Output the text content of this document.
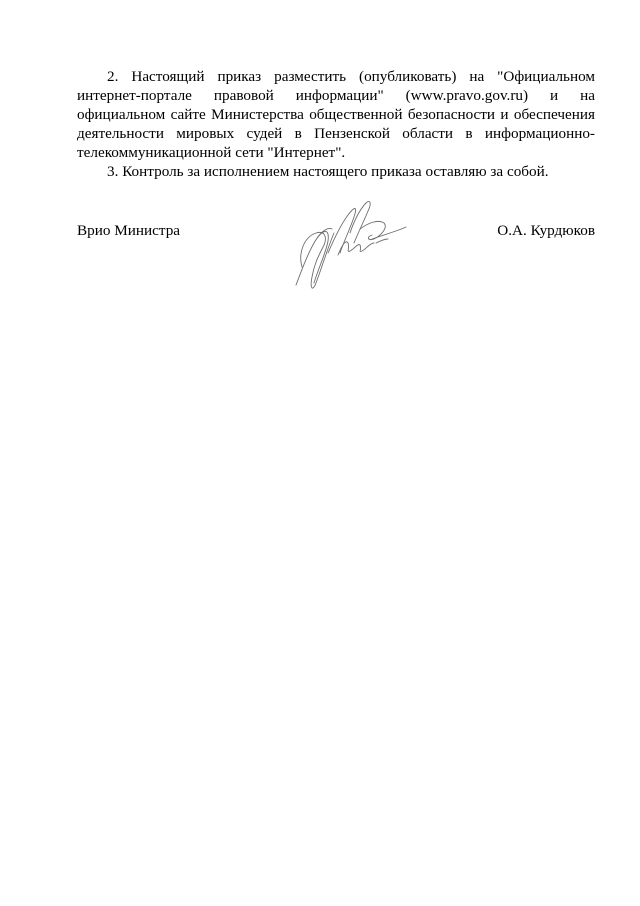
2. Настоящий приказ разместить (опубликовать) на "Официальном интернет-портале правовой информации" (www.pravo.gov.ru) и на официальном сайте Министерства общественной безопасности и обеспечения деятельности мировых судей в Пензенской области в информационно-телекоммуникационной сети "Интернет".

3. Контроль за исполнением настоящего приказа оставляю за собой.

Врио Министра	О.А. Курдюков
